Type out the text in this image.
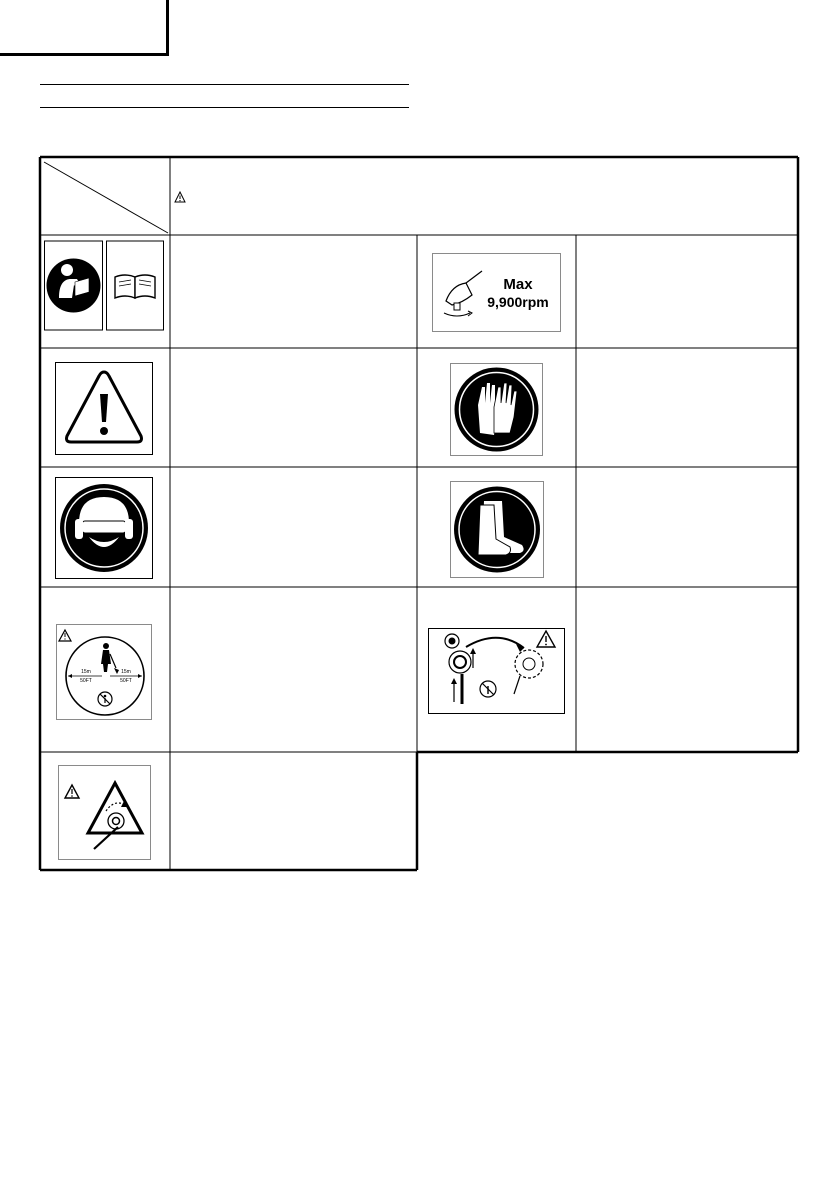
Max
9,900rpm
15m
50FT
15m
50FT
